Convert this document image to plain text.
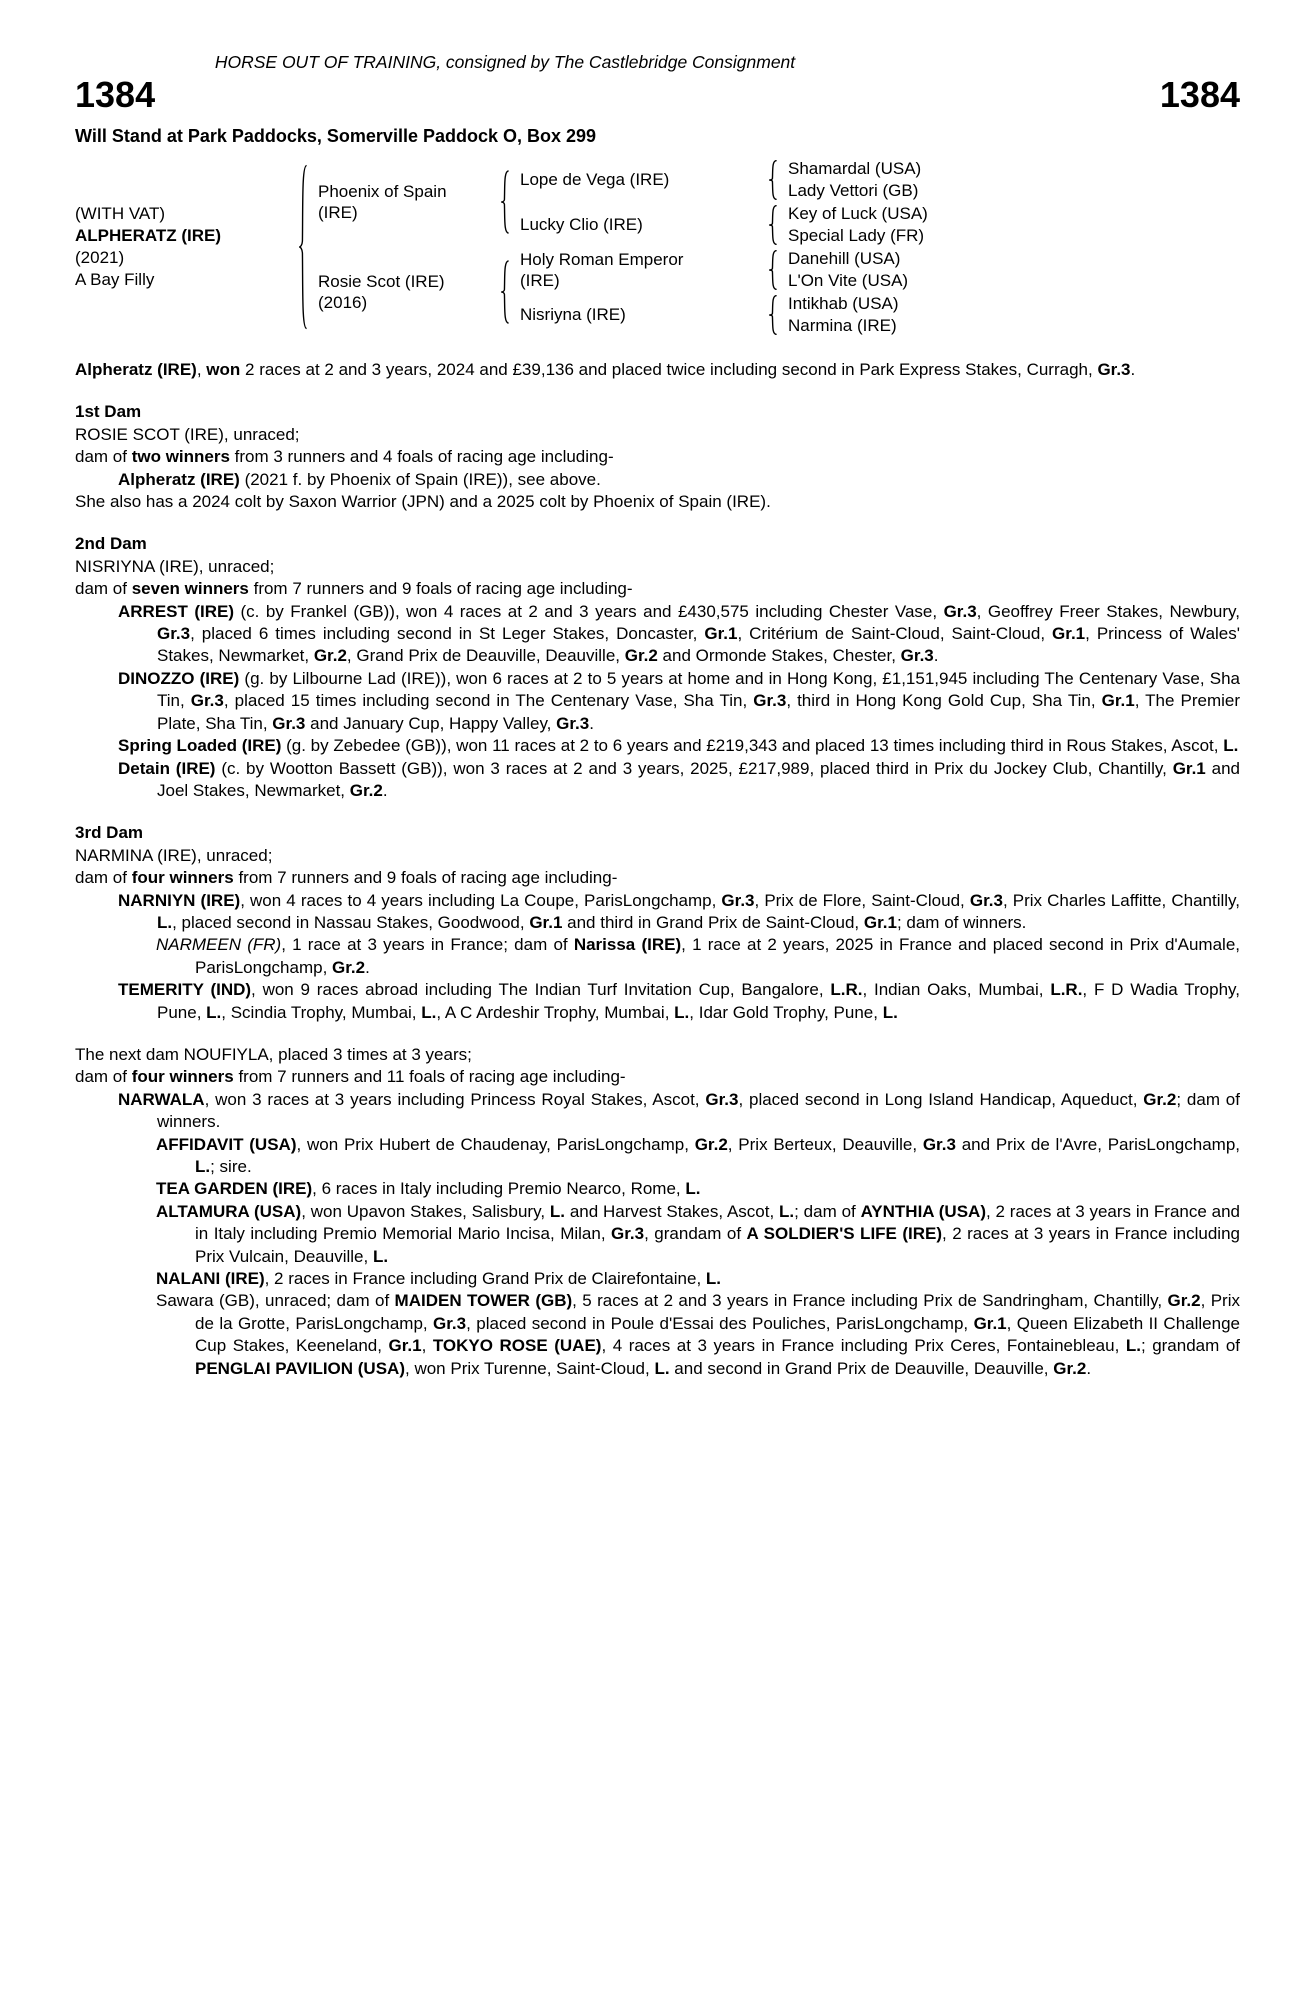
HORSE OUT OF TRAINING, consigned by The Castlebridge Consignment
1384	1384
Will Stand at Park Paddocks, Somerville Paddock O, Box 299
(WITH VAT)
ALPHERATZ (IRE)
(2021)
A Bay Filly
Phoenix of Spain (IRE)
Lope de Vega (IRE)
Shamardal (USA)
Lady Vettori (GB)
Lucky Clio (IRE)
Key of Luck (USA)
Special Lady (FR)
Rosie Scot (IRE) (2016)
Holy Roman Emperor (IRE)
Danehill (USA)
L'On Vite (USA)
Nisriyna (IRE)
Intikhab (USA)
Narmina (IRE)

Alpheratz (IRE), won 2 races at 2 and 3 years, 2024 and £39,136 and placed twice including second in Park Express Stakes, Curragh, Gr.3.

1st Dam

ROSIE SCOT (IRE), unraced;

dam of two winners from 3 runners and 4 foals of racing age including-

Alpheratz (IRE) (2021 f. by Phoenix of Spain (IRE)), see above.

She also has a 2024 colt by Saxon Warrior (JPN) and a 2025 colt by Phoenix of Spain (IRE).

2nd Dam

NISRIYNA (IRE), unraced;

dam of seven winners from 7 runners and 9 foals of racing age including-

ARREST (IRE) (c. by Frankel (GB)), won 4 races at 2 and 3 years and £430,575 including Chester Vase, Gr.3, Geoffrey Freer Stakes, Newbury, Gr.3, placed 6 times including second in St Leger Stakes, Doncaster, Gr.1, Critérium de Saint-Cloud, Saint-Cloud, Gr.1, Princess of Wales' Stakes, Newmarket, Gr.2, Grand Prix de Deauville, Deauville, Gr.2 and Ormonde Stakes, Chester, Gr.3.

DINOZZO (IRE) (g. by Lilbourne Lad (IRE)), won 6 races at 2 to 5 years at home and in Hong Kong, £1,151,945 including The Centenary Vase, Sha Tin, Gr.3, placed 15 times including second in The Centenary Vase, Sha Tin, Gr.3, third in Hong Kong Gold Cup, Sha Tin, Gr.1, The Premier Plate, Sha Tin, Gr.3 and January Cup, Happy Valley, Gr.3.

Spring Loaded (IRE) (g. by Zebedee (GB)), won 11 races at 2 to 6 years and £219,343 and placed 13 times including third in Rous Stakes, Ascot, L.

Detain (IRE) (c. by Wootton Bassett (GB)), won 3 races at 2 and 3 years, 2025, £217,989, placed third in Prix du Jockey Club, Chantilly, Gr.1 and Joel Stakes, Newmarket, Gr.2.

3rd Dam

NARMINA (IRE), unraced;

dam of four winners from 7 runners and 9 foals of racing age including-

NARNIYN (IRE), won 4 races to 4 years including La Coupe, ParisLongchamp, Gr.3, Prix de Flore, Saint-Cloud, Gr.3, Prix Charles Laffitte, Chantilly, L., placed second in Nassau Stakes, Goodwood, Gr.1 and third in Grand Prix de Saint-Cloud, Gr.1; dam of winners.

NARMEEN (FR), 1 race at 3 years in France; dam of Narissa (IRE), 1 race at 2 years, 2025 in France and placed second in Prix d'Aumale, ParisLongchamp, Gr.2.

TEMERITY (IND), won 9 races abroad including The Indian Turf Invitation Cup, Bangalore, L.R., Indian Oaks, Mumbai, L.R., F D Wadia Trophy, Pune, L., Scindia Trophy, Mumbai, L., A C Ardeshir Trophy, Mumbai, L., Idar Gold Trophy, Pune, L.

The next dam NOUFIYLA, placed 3 times at 3 years;

dam of four winners from 7 runners and 11 foals of racing age including-

NARWALA, won 3 races at 3 years including Princess Royal Stakes, Ascot, Gr.3, placed second in Long Island Handicap, Aqueduct, Gr.2; dam of winners.

AFFIDAVIT (USA), won Prix Hubert de Chaudenay, ParisLongchamp, Gr.2, Prix Berteux, Deauville, Gr.3 and Prix de l'Avre, ParisLongchamp, L.; sire.

TEA GARDEN (IRE), 6 races in Italy including Premio Nearco, Rome, L.

ALTAMURA (USA), won Upavon Stakes, Salisbury, L. and Harvest Stakes, Ascot, L.; dam of AYNTHIA (USA), 2 races at 3 years in France and in Italy including Premio Memorial Mario Incisa, Milan, Gr.3, grandam of A SOLDIER'S LIFE (IRE), 2 races at 3 years in France including Prix Vulcain, Deauville, L.

NALANI (IRE), 2 races in France including Grand Prix de Clairefontaine, L.

Sawara (GB), unraced; dam of MAIDEN TOWER (GB), 5 races at 2 and 3 years in France including Prix de Sandringham, Chantilly, Gr.2, Prix de la Grotte, ParisLongchamp, Gr.3, placed second in Poule d'Essai des Pouliches, ParisLongchamp, Gr.1, Queen Elizabeth II Challenge Cup Stakes, Keeneland, Gr.1, TOKYO ROSE (UAE), 4 races at 3 years in France including Prix Ceres, Fontainebleau, L.; grandam of PENGLAI PAVILION (USA), won Prix Turenne, Saint-Cloud, L. and second in Grand Prix de Deauville, Deauville, Gr.2.
